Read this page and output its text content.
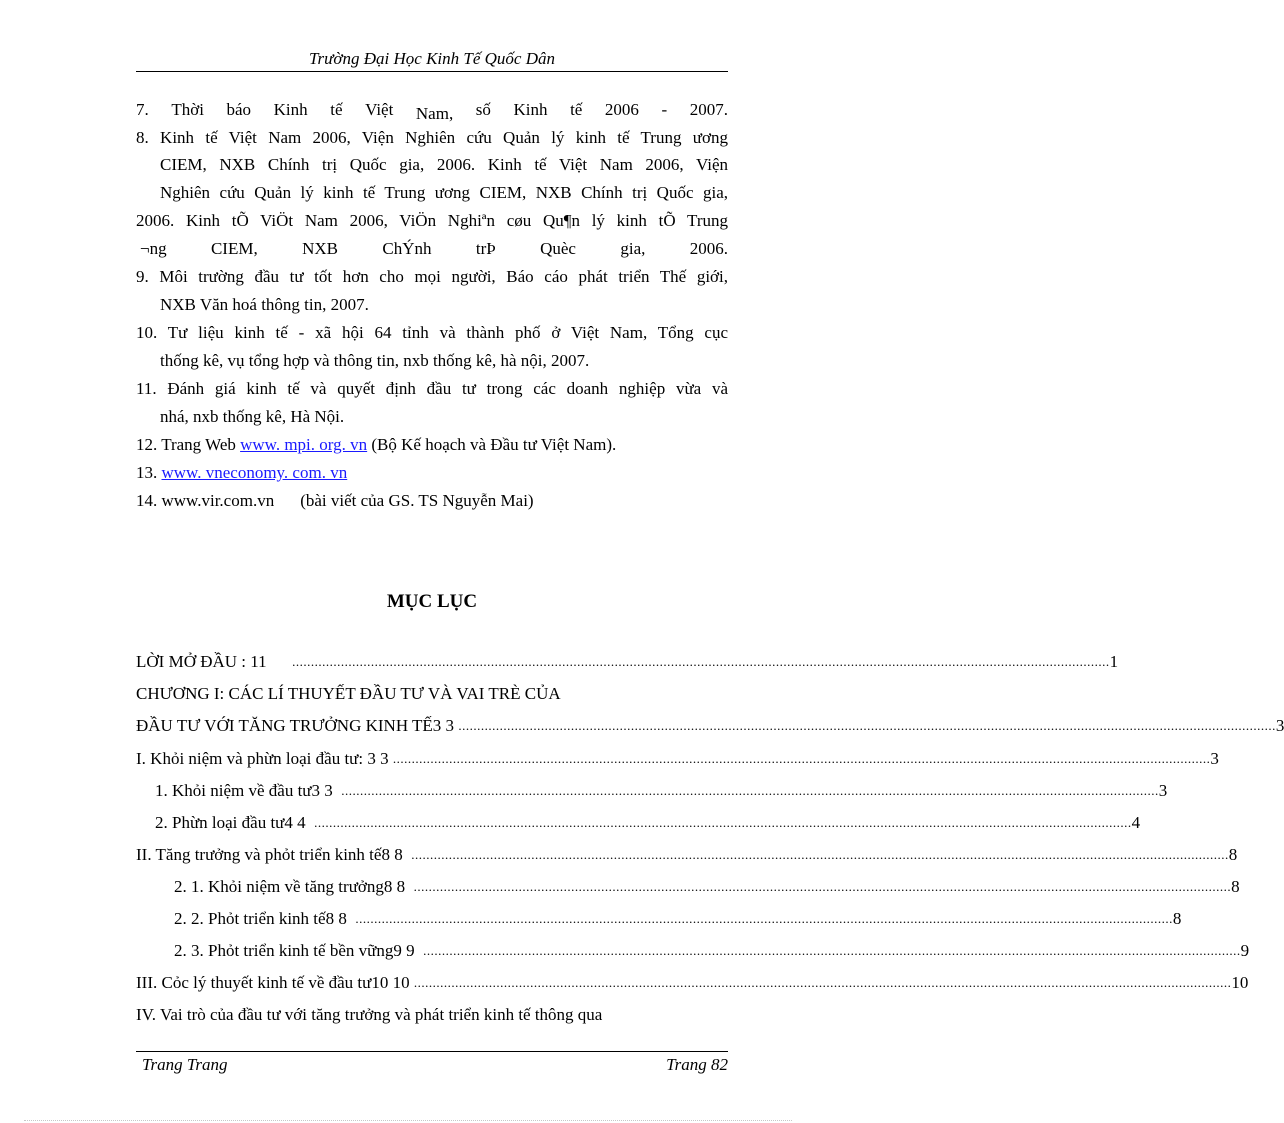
Trường Đại Học Kinh Tế Quốc Dân
7. Thời báo Kinh tế Việt Nam, số Kinh tế 2006 - 2007.
8. Kinh tế Việt Nam 2006, Viện Nghiên cứu Quản lý kinh tế Trung ương
CIEM, NXB Chính trị Quốc gia, 2006. Kinh tế Việt Nam 2006, Viện
Nghiên cứu Quản lý kinh tế Trung ương CIEM, NXB Chính trị Quốc gia,
2006. Kinh tÕ ViÖt Nam 2006, ViÖn Nghiªn cøu Qu¶n lý kinh tÕ Trung
¬ng	CIEM,	NXB	ChÝnh	trÞ	Quèc	gia,	2006.
9. Môi trường đầu tư tốt hơn cho mọi người, Báo cáo phát triển Thế giới,
NXB Văn hoá thông tin, 2007.
10. Tư liệu kinh tế - xã hội 64 tỉnh và thành phố ở Việt Nam, Tổng cục
thống kê, vụ tổng hợp và thông tin, nxb thống kê, hà nội, 2007.
11. Đánh giá kinh tế và quyết định đầu tư trong các doanh nghiệp vừa và
nhá, nxb thống kê, Hà Nội.
12. Trang Web www. mpi. org. vn (Bộ Kế hoạch và Đầu tư Việt Nam).
13. www. vneconomy. com. vn
14. www.vir.com.vn (bài viết của GS. TS Nguyễn Mai)
MỤC LỤC
LỜI MỞ ĐẦU : 11 .......................................................................................................................................................................................................................... 1
CHƯƠNG I: CÁC LÍ THUYẾT ĐẦU TƯ VÀ VAI TRÈ CỦA
ĐẦU TƯ VỚI TĂNG TRƯỞNG KINH TẾ3 3 .......................................................................................................................................................................................................................... 3
I. Khỏi niệm và phừn loại đầu tư: 3 3 .......................................................................................................................................................................................................................... 3
1. Khỏi niệm về đầu tư3 3 .......................................................................................................................................................................................................................... 3
2. Phừn loại đầu tư4 4 .......................................................................................................................................................................................................................... 4
II. Tăng trưởng và phỏt triển kinh tế8 8 .......................................................................................................................................................................................................................... 8
2. 1. Khỏi niệm về tăng trưởng8 8 .......................................................................................................................................................................................................................... 8
2. 2. Phỏt triển kinh tế8 8 .......................................................................................................................................................................................................................... 8
2. 3. Phỏt triển kinh tế bền vững9 9 .......................................................................................................................................................................................................................... 9
III. Cỏc lý thuyết kinh tế về đầu tư10 10 .......................................................................................................................................................................................................................... 10
IV. Vai trò của đầu tư với tăng trưởng và phát triển kinh tế thông qua
Trang Trang	Trang 82
